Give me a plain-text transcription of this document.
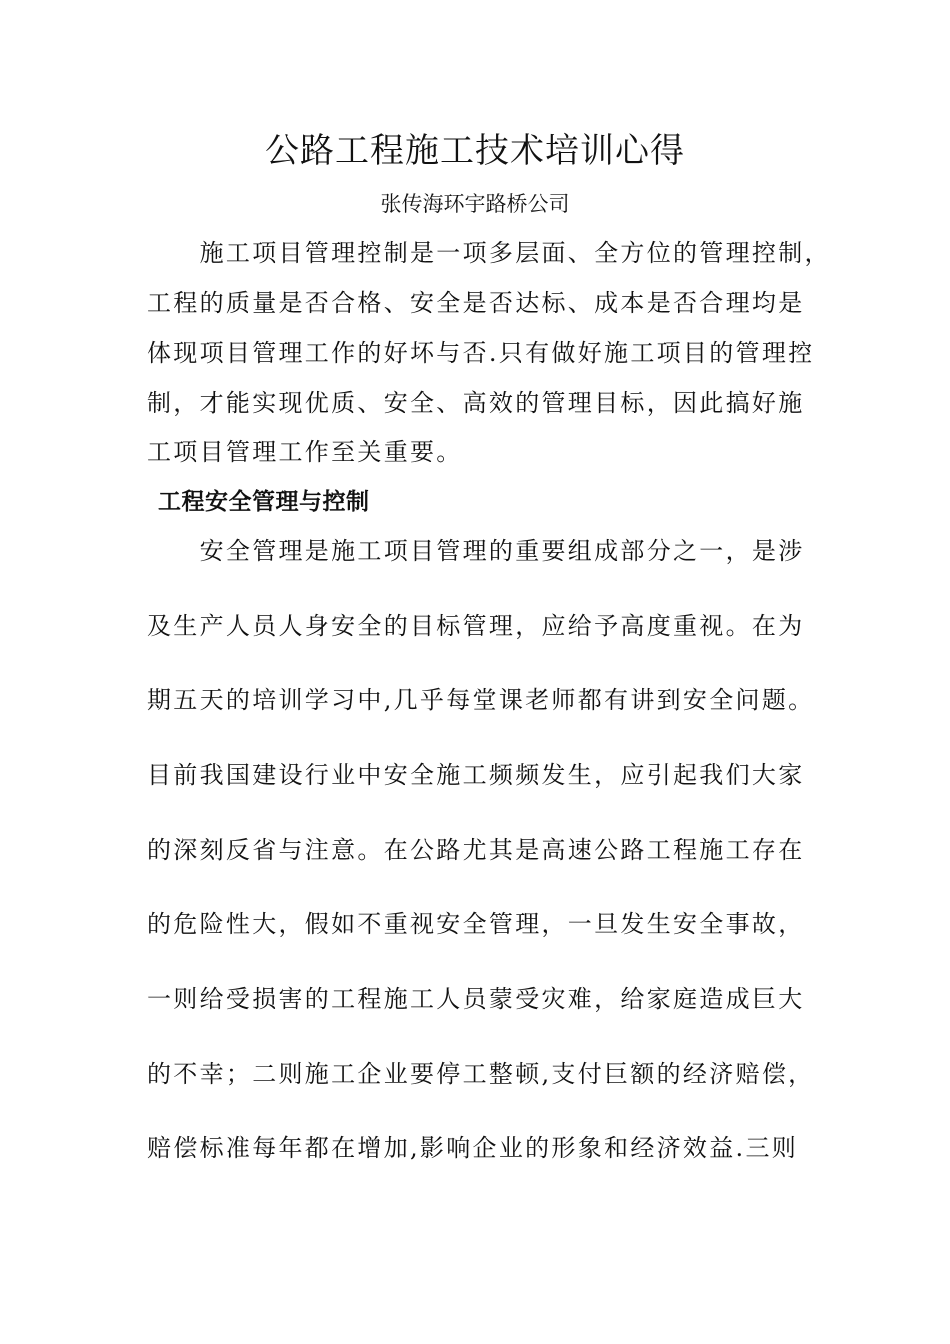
公路工程施工技术培训心得
张传海环宇路桥公司
　　施工项目管理控制是一项多层面、全方位的管理控制，
工程的质量是否合格、安全是否达标、成本是否合理均是
体现项目管理工作的好坏与否.只有做好施工项目的管理控
制，才能实现优质、安全、高效的管理目标，因此搞好施
工项目管理工作至关重要。
工程安全管理与控制
　　安全管理是施工项目管理的重要组成部分之一，是涉
及生产人员人身安全的目标管理，应给予高度重视。在为
期五天的培训学习中,几乎每堂课老师都有讲到安全问题。
目前我国建设行业中安全施工频频发生，应引起我们大家
的深刻反省与注意。在公路尤其是高速公路工程施工存在
的危险性大，假如不重视安全管理，一旦发生安全事故，
一则给受损害的工程施工人员蒙受灾难，给家庭造成巨大
的不幸；二则施工企业要停工整顿,支付巨额的经济赔偿，
赔偿标准每年都在增加,影响企业的形象和经济效益.三则
